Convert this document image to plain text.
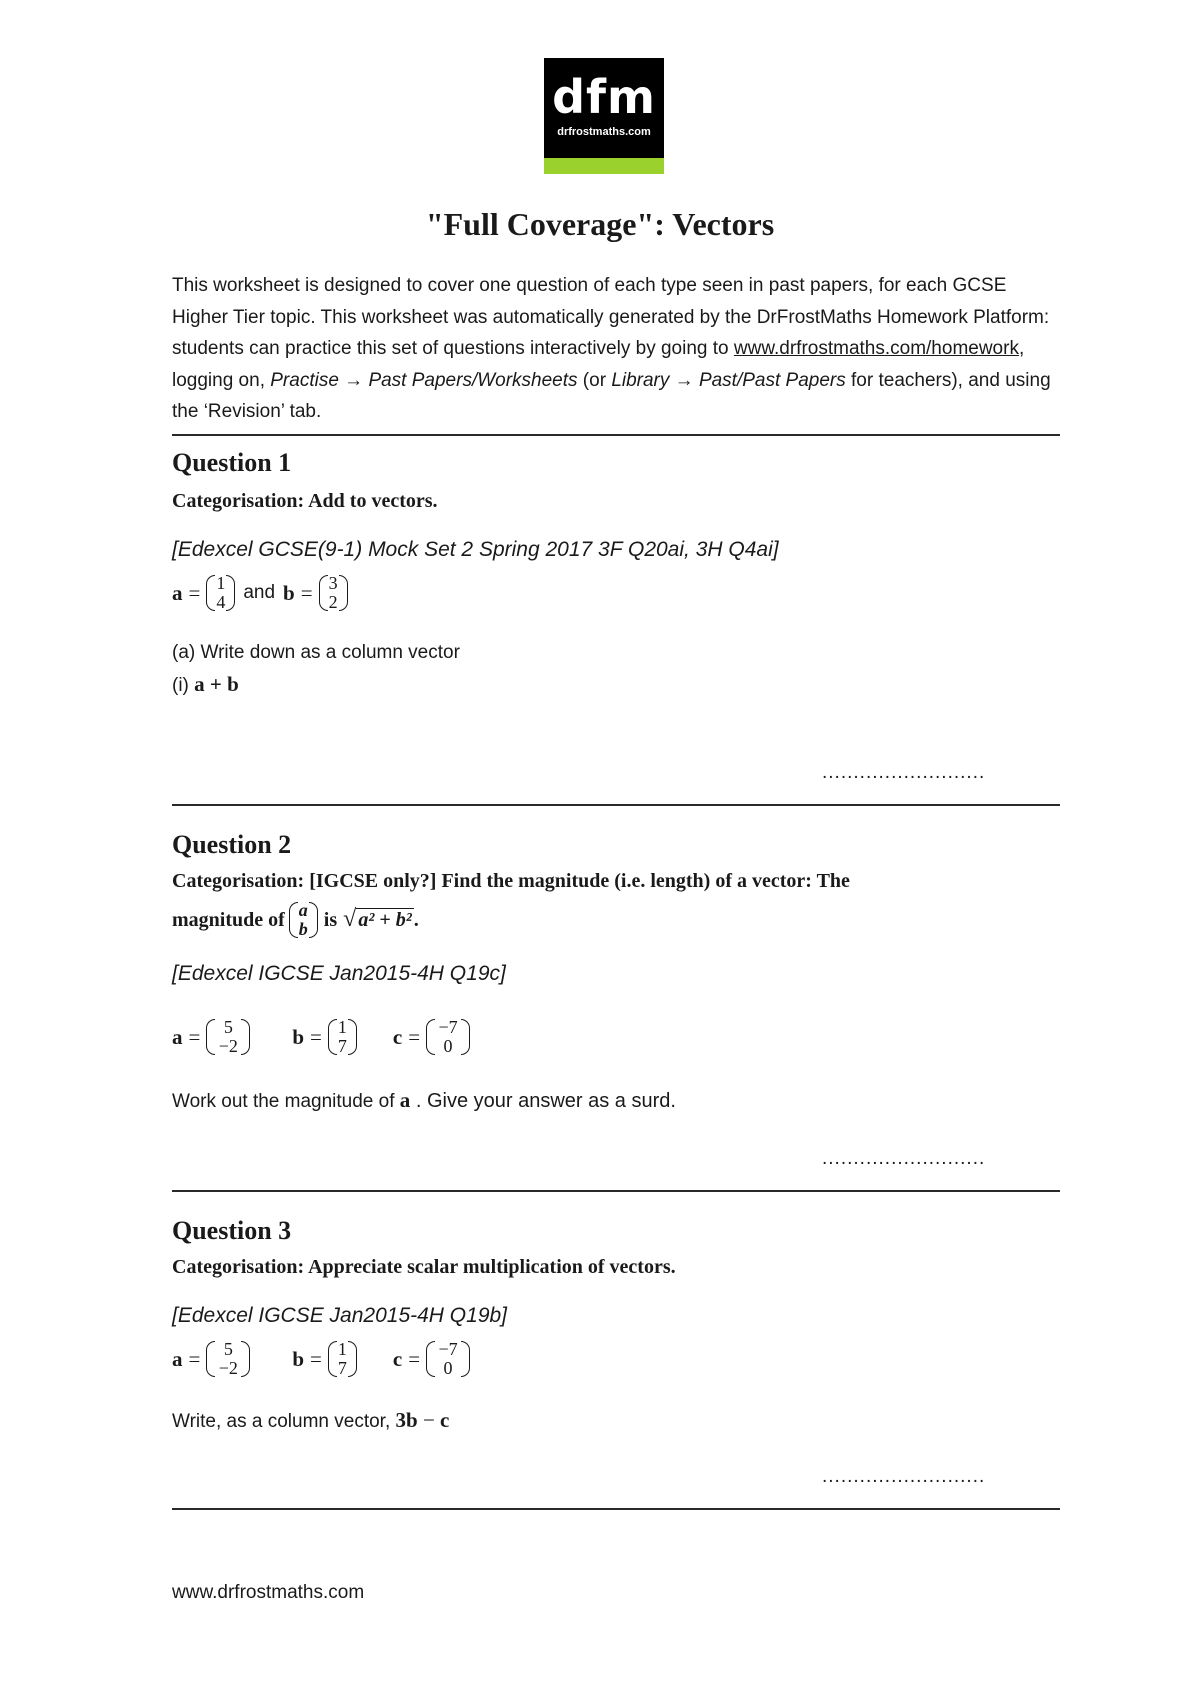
dfm
drfrostmaths.com
"Full Coverage": Vectors
This worksheet is designed to cover one question of each type seen in past papers, for each GCSE Higher Tier topic. This worksheet was automatically generated by the DrFrostMaths Homework Platform: students can practice this set of questions interactively by going to www.drfrostmaths.com/homework, logging on, Practise → Past Papers/Worksheets (or Library → Past/Past Papers for teachers), and using the ‘Revision’ tab.
Question 1
Categorisation: Add to vectors.
[Edexcel GCSE(9-1) Mock Set 2 Spring 2017 3F Q20ai, 3H Q4ai]
a = 1
4 and b = 3
2
(a) Write down as a column vector
(i) a + b
..........................
Question 2
Categorisation: [IGCSE only?] Find the magnitude (i.e. length) of a vector: The
magnitude of a
b is √ a² + b² .
[Edexcel IGCSE Jan2015-4H Q19c]
a =	5
−2	b = 1
7 c = −7
0
Work out the magnitude of a . Give your answer as a surd.
..........................
Question 3
Categorisation: Appreciate scalar multiplication of vectors.
[Edexcel IGCSE Jan2015-4H Q19b]
a =	5
−2	b = 1
7 c = −7
0
Write, as a column vector, 3b − c
..........................
www.drfrostmaths.com
